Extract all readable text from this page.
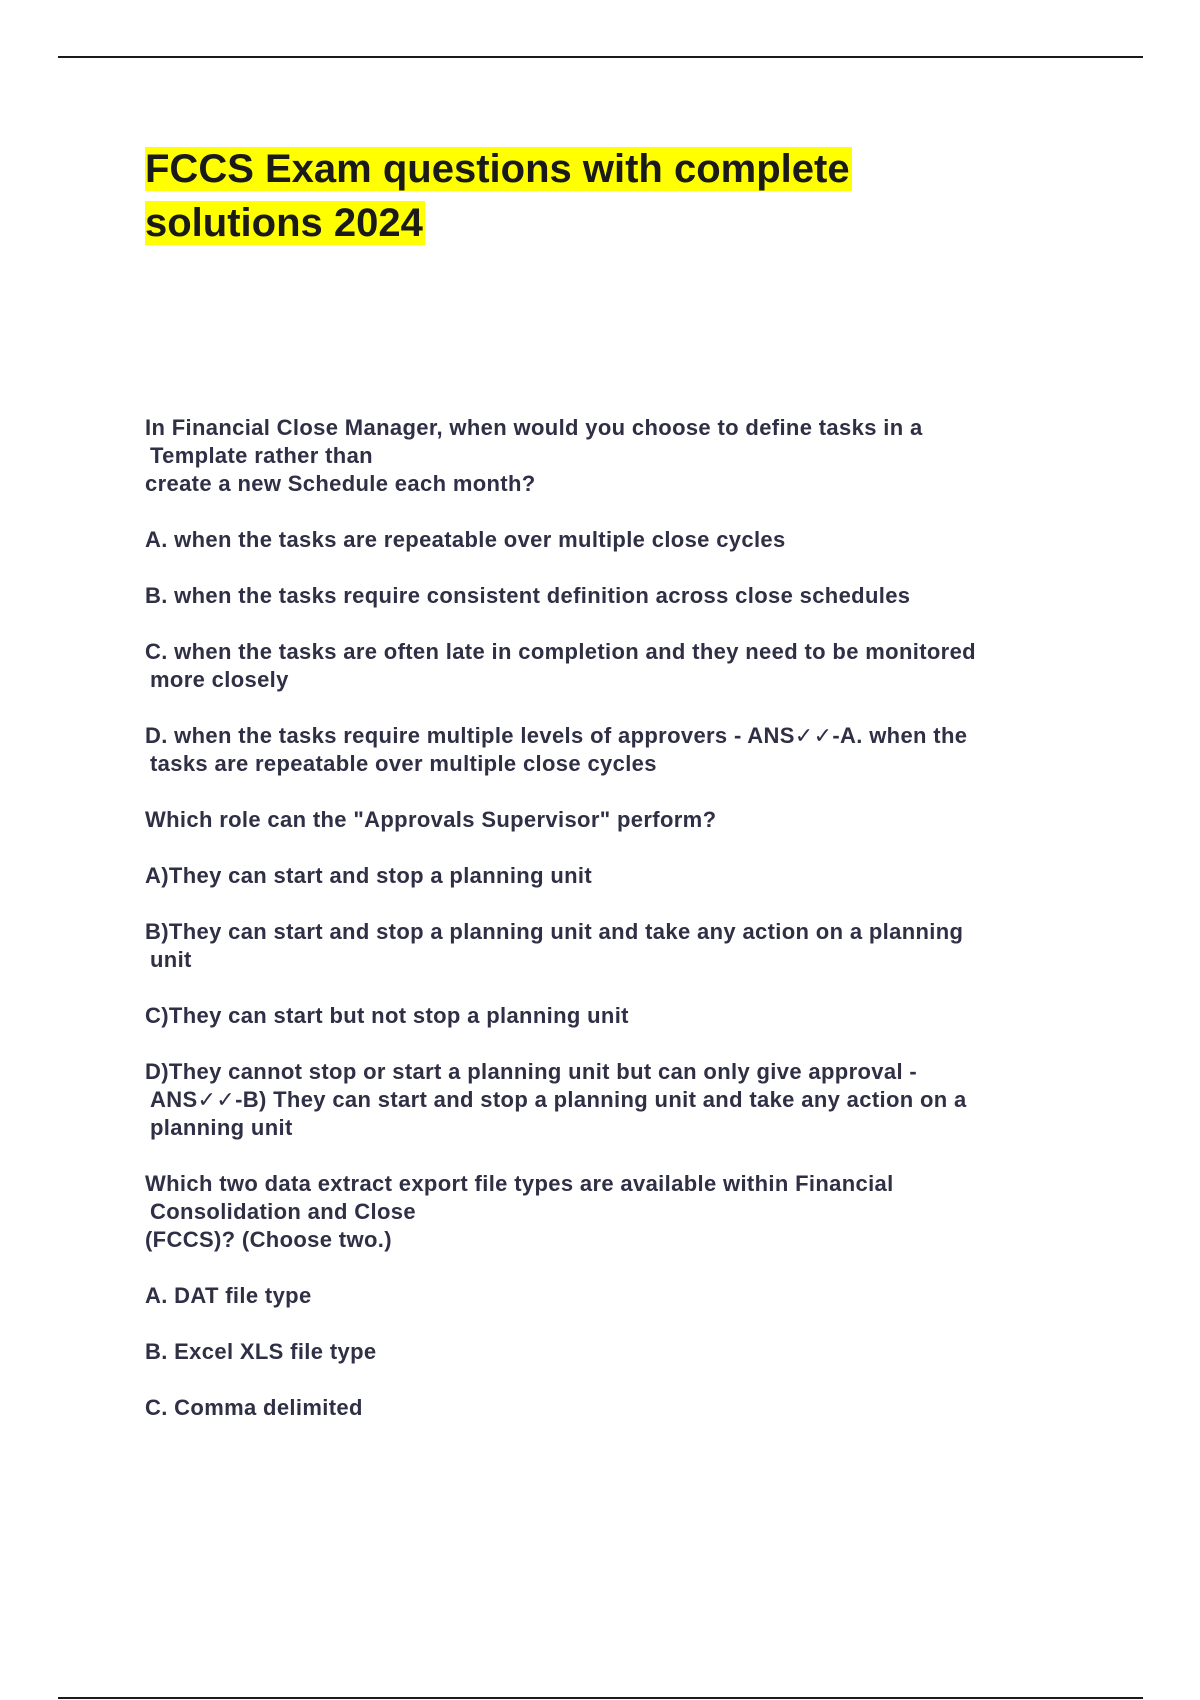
FCCS Exam questions with complete
solutions 2024

In Financial Close Manager, when would you choose to define tasks in a
Template rather than
create a new Schedule each month?

A. when the tasks are repeatable over multiple close cycles

B. when the tasks require consistent definition across close schedules

C. when the tasks are often late in completion and they need to be monitored
more closely

D. when the tasks require multiple levels of approvers - ANS✓✓-A. when the
tasks are repeatable over multiple close cycles

Which role can the "Approvals Supervisor" perform?

A)They can start and stop a planning unit

B)They can start and stop a planning unit and take any action on a planning
unit

C)They can start but not stop a planning unit

D)They cannot stop or start a planning unit but can only give approval -
ANS✓✓-B) They can start and stop a planning unit and take any action on a
planning unit

Which two data extract export file types are available within Financial
Consolidation and Close
(FCCS)? (Choose two.)

A. DAT file type

B. Excel XLS file type

C. Comma delimited
